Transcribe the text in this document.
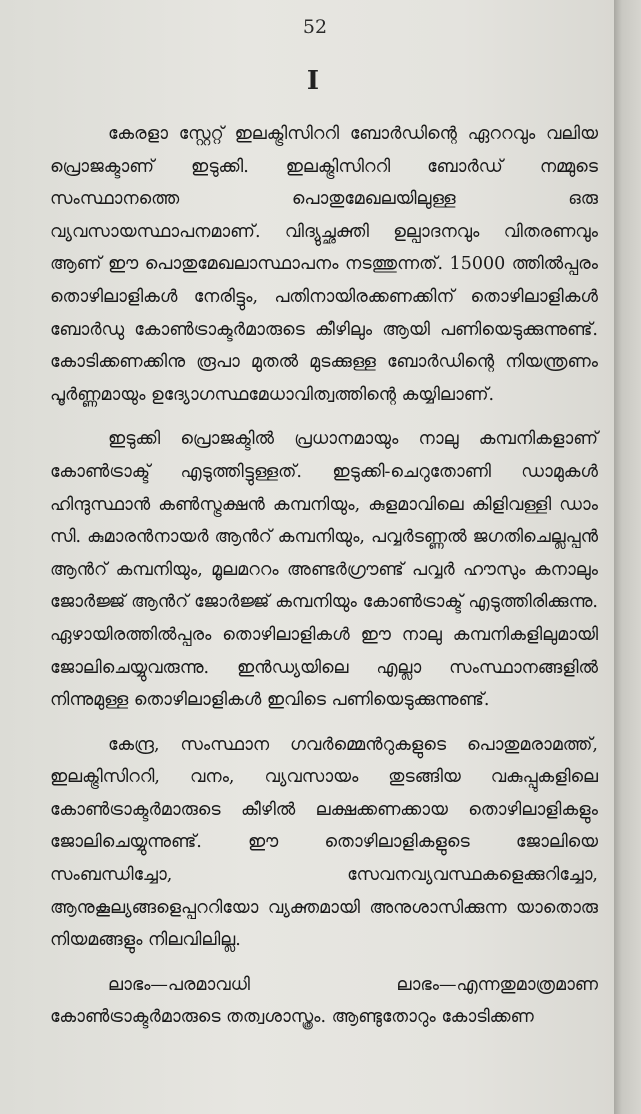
52
I

കേരളാ സ്റ്റേറ്റ് ഇലക്ട്രിസിററി ബോർഡിന്റെ ഏററവും വലിയ പ്രൊജക്ടാണ് ഇടുക്കി. ഇലക്ട്രിസിററി ബോർഡ് നമ്മുടെ സംസ്ഥാനത്തെ പൊതുമേഖലയിലുള്ള ഒരു വ്യവസായസ്ഥാപനമാണ്. വിദ്യുച്ഛക്തി ഉല്പാദനവും വിതരണവും ആണ് ഈ പൊതുമേഖലാസ്ഥാപനം നടത്തുന്നത്. 15000 ത്തിൽപ്പരം തൊഴിലാളികൾ നേരിട്ടും, പതിനായിരക്കണക്കിന് തൊഴിലാളികൾ ബോർഡു കോൺട്രാക്ടർമാരുടെ കീഴിലും ആയി പണിയെടുക്കുന്നുണ്ട്. കോടിക്കണക്കിനു രൂപാ മുതൽ മുടക്കുള്ള ബോർഡിന്റെ നിയന്ത്രണം പൂർണ്ണമായും ഉദ്യോഗസ്ഥമേധാവിത്വത്തിന്റെ കയ്യിലാണ്.

ഇടുക്കി പ്രൊജക്ടിൽ പ്രധാനമായും നാലു കമ്പനികളാണ് കോൺട്രാക്ട് എടുത്തിട്ടുള്ളത്. ഇടുക്കി-ചെറുതോണി ഡാമുകൾ ഹിന്ദുസ്ഥാൻ കൺസ്ട്രക്ഷൻ കമ്പനിയും, കുളമാവിലെ കിളിവള്ളി ഡാം സി. കുമാരൻനായർ ആൻറ് കമ്പനിയും, പവ്വർടണ്ണൽ ജഗതിചെല്ലപ്പൻ ആൻറ് കമ്പനിയും, മൂലമററം അണ്ടർഗ്രൗണ്ട് പവ്വർ ഹൗസും കനാലും ജോർജ്ജ് ആൻറ് ജോർജ്ജ് കമ്പനിയും കോൺട്രാക്ട് എടുത്തിരിക്കുന്നു. ഏഴായിരത്തിൽപ്പരം തൊഴിലാളികൾ ഈ നാലു കമ്പനികളിലുമായി ജോലിചെയ്യുവരുന്നു. ഇൻഡ്യയിലെ എല്ലാ സംസ്ഥാനങ്ങളിൽ നിന്നുമുള്ള തൊഴിലാളികൾ ഇവിടെ പണിയെടുക്കുന്നുണ്ട്.

കേന്ദ്ര, സംസ്ഥാന ഗവർമ്മെൻറുകളുടെ പൊതുമരാമത്ത്, ഇലക്ട്രിസിററി, വനം, വ്യവസായം തുടങ്ങിയ വകുപ്പുകളിലെ കോൺട്രാക്ടർമാരുടെ കീഴിൽ ലക്ഷക്കണക്കായ തൊഴിലാളികളും ജോലിചെയ്യുന്നുണ്ട്. ഈ തൊഴിലാളികളുടെ ജോലിയെ സംബന്ധിച്ചോ, സേവനവ്യവസ്ഥകളെക്കുറിച്ചോ, ആനുകൂല്യങ്ങളെപ്പററിയോ വ്യക്തമായി അനുശാസിക്കുന്ന യാതൊരു നിയമങ്ങളും നിലവിലില്ല.

ലാഭം—പരമാവധി ലാഭം—എന്നതുമാത്രമാണ കോൺട്രാക്ടർമാരുടെ തത്വശാസ്ത്രം. ആണ്ടുതോറും കോടിക്കണ
